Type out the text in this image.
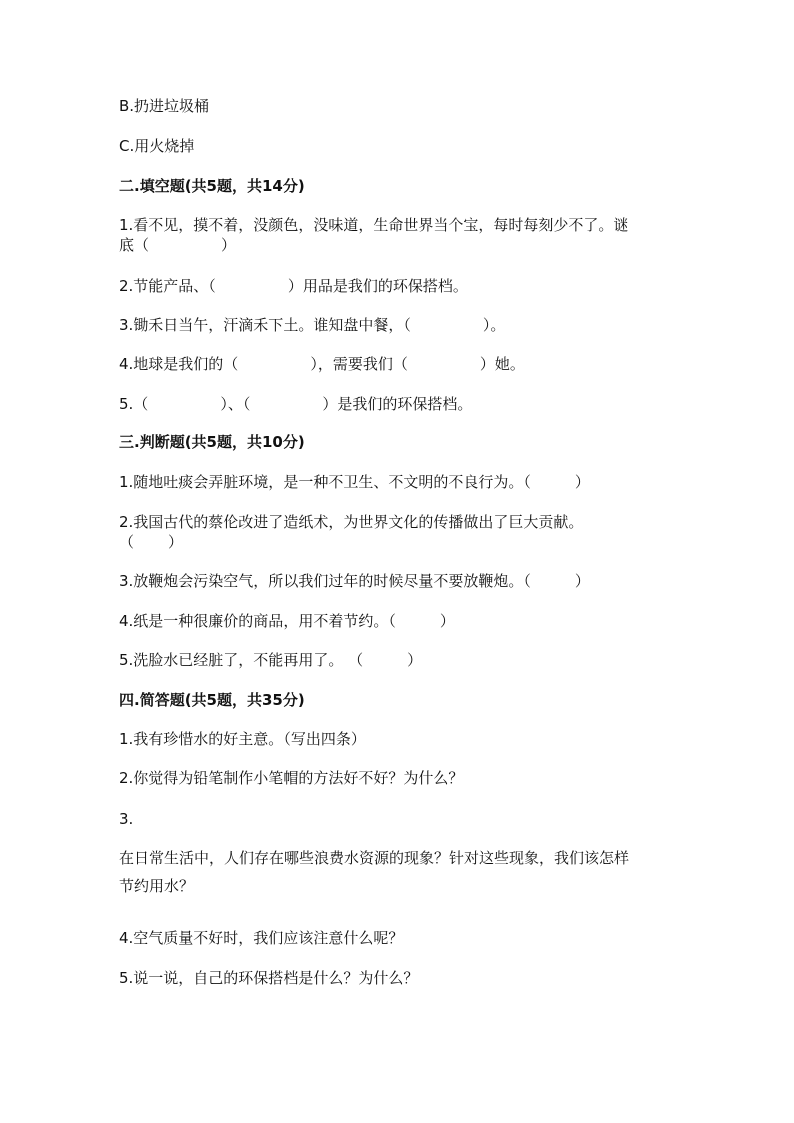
B.扔进垃圾桶
C.用火烧掉
二.填空题(共5题，共14分)
1.看不见，摸不着，没颜色，没味道，生命世界当个宝，每时每刻少不了。谜
底（	）
2.节能产品、（	）用品是我们的环保搭档。
3.锄禾日当午，汗滴禾下土。谁知盘中餐，（	）。
4.地球是我们的（	），需要我们（	）她。
5.（	）、（	）是我们的环保搭档。
三.判断题(共5题，共10分)
1.随地吐痰会弄脏环境，是一种不卫生、不文明的不良行为。（	）
2.我国古代的蔡伦改进了造纸术，为世界文化的传播做出了巨大贡献。
（ ）
3.放鞭炮会污染空气，所以我们过年的时候尽量不要放鞭炮。（	）
4.纸是一种很廉价的商品，用不着节约。（	）
5.洗脸水已经脏了，不能再用了。 （	）
四.简答题(共5题，共35分)
1.我有珍惜水的好主意。（写出四条）
2.你觉得为铅笔制作小笔帽的方法好不好？为什么？
3.
在日常生活中，人们存在哪些浪费水资源的现象？针对这些现象，我们该怎样
节约用水？
4.空气质量不好时，我们应该注意什么呢？
5.说一说，自己的环保搭档是什么？为什么？
